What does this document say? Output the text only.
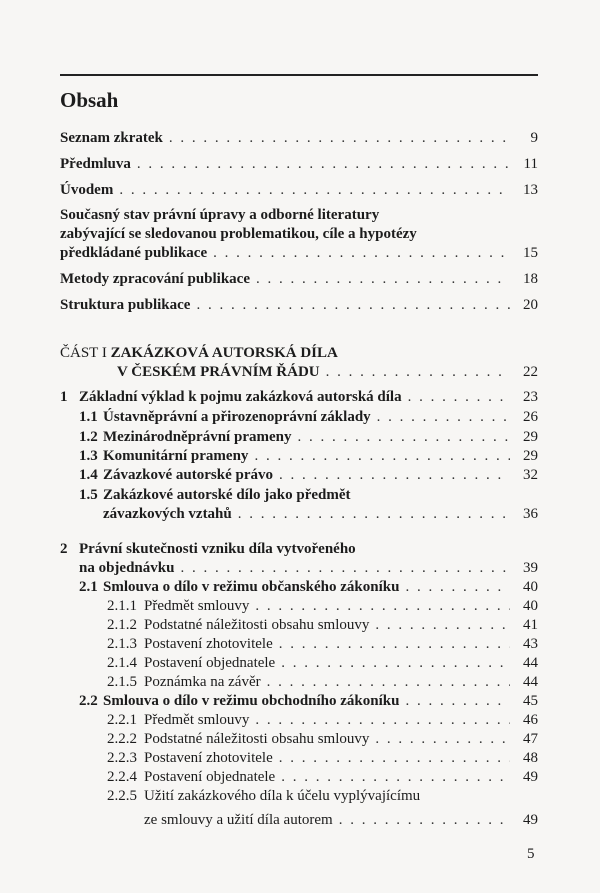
Obsah
Seznam zkratek . . .	9
Předmluva . . .	11
Úvodem . . .	13
Současný stav právní úpravy a odborné literatury
zabývající se sledovanou problematikou, cíle a hypotézy
předkládané publikace . . .	15
Metody zpracování publikace . . .	18
Struktura publikace . . .	20
ČÁST I ZAKÁZKOVÁ AUTORSKÁ DÍLA
V ČESKÉM PRÁVNÍM ŘÁDU . . .	22
1 Základní výklad k pojmu zakázková autorská díla . . .	23
1.1 Ústavněprávní a přirozenoprávní základy . . .	26
1.2 Mezinárodněprávní prameny . . .	29
1.3 Komunitární prameny . . .	29
1.4 Závazkové autorské právo . . .	32
1.5 Zakázkové autorské dílo jako předmět
závazkových vztahů . . .	36
2 Právní skutečnosti vzniku díla vytvořeného
na objednávku . . .	39
2.1 Smlouva o dílo v režimu občanského zákoníku . . .	40
2.1.1 Předmět smlouvy . . .	40
2.1.2 Podstatné náležitosti obsahu smlouvy . . .	41
2.1.3 Postavení zhotovitele . . .	43
2.1.4 Postavení objednatele . . .	44
2.1.5 Poznámka na závěr . . .	44
2.2 Smlouva o dílo v režimu obchodního zákoníku . . .	45
2.2.1 Předmět smlouvy . . .	46
2.2.2 Podstatné náležitosti obsahu smlouvy . . .	47
2.2.3 Postavení zhotovitele . . .	48
2.2.4 Postavení objednatele . . .	49
2.2.5 Užití zakázkového díla k účelu vyplývajícímu
ze smlouvy a užití díla autorem . . .	49
5
